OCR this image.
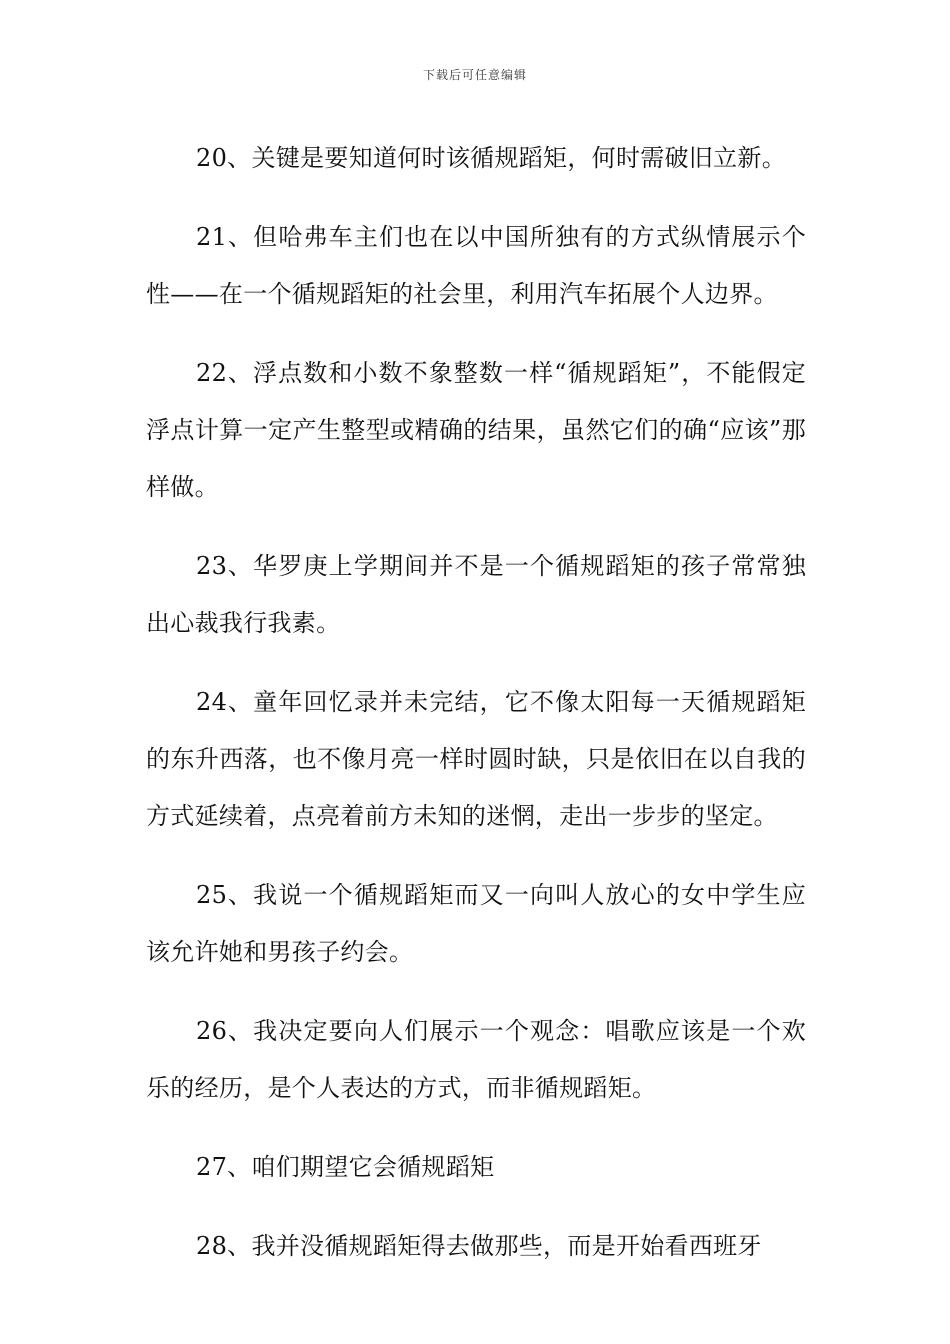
下载后可任意编辑

20、关键是要知道何时该循规蹈矩，何时需破旧立新。

21、但哈弗车主们也在以中国所独有的方式纵情展示个性——在一个循规蹈矩的社会里，利用汽车拓展个人边界。

22、浮点数和小数不象整数一样“循规蹈矩”，不能假定浮点计算一定产生整型或精确的结果，虽然它们的确“应该”那样做。

23、华罗庚上学期间并不是一个循规蹈矩的孩子常常独出心裁我行我素。

24、童年回忆录并未完结，它不像太阳每一天循规蹈矩的东升西落，也不像月亮一样时圆时缺，只是依旧在以自我的方式延续着，点亮着前方未知的迷惘，走出一步步的坚定。

25、我说一个循规蹈矩而又一向叫人放心的女中学生应该允许她和男孩子约会。

26、我决定要向人们展示一个观念：唱歌应该是一个欢乐的经历，是个人表达的方式，而非循规蹈矩。

27、咱们期望它会循规蹈矩

28、我并没循规蹈矩得去做那些，而是开始看西班牙
